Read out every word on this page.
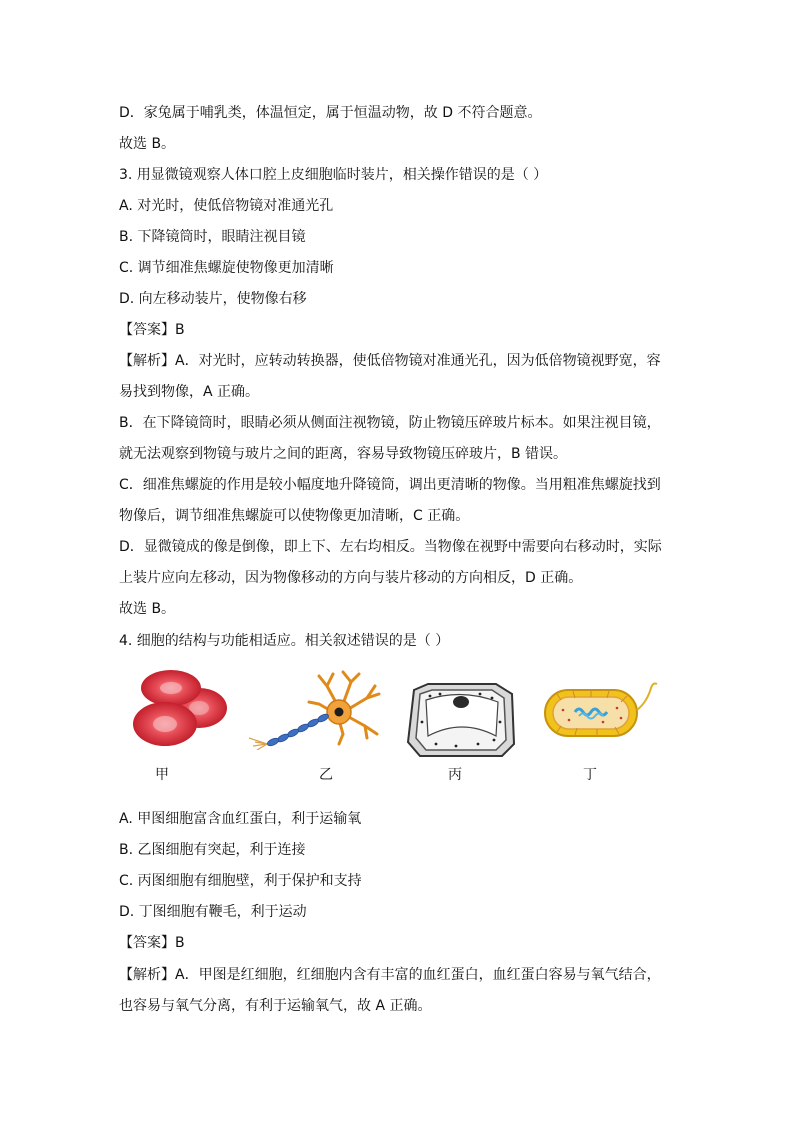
D．家兔属于哺乳类，体温恒定，属于恒温动物，故 D 不符合题意。
故选 B。
3. 用显微镜观察人体口腔上皮细胞临时装片，相关操作错误的是（ ）
A. 对光时，使低倍物镜对准通光孔
B. 下降镜筒时，眼睛注视目镜
C. 调节细准焦螺旋使物像更加清晰
D. 向左移动装片，使物像右移
【答案】B
【解析】A．对光时，应转动转换器，使低倍物镜对准通光孔，因为低倍物镜视野宽，容
易找到物像，A 正确。
B．在下降镜筒时，眼睛必须从侧面注视物镜，防止物镜压碎玻片标本。如果注视目镜，
就无法观察到物镜与玻片之间的距离，容易导致物镜压碎玻片，B 错误。
C．细准焦螺旋的作用是较小幅度地升降镜筒，调出更清晰的物像。当用粗准焦螺旋找到
物像后，调节细准焦螺旋可以使物像更加清晰，C 正确。
D．显微镜成的像是倒像，即上下、左右均相反。当物像在视野中需要向右移动时，实际
上装片应向左移动，因为物像移动的方向与装片移动的方向相反，D 正确。
故选 B。
4. 细胞的结构与功能相适应。相关叙述错误的是（ ）
甲	乙	丙	丁
A. 甲图细胞富含血红蛋白，利于运输氧
B. 乙图细胞有突起，利于连接
C. 丙图细胞有细胞壁，利于保护和支持
D. 丁图细胞有鞭毛，利于运动
【答案】B
【解析】A．甲图是红细胞，红细胞内含有丰富的血红蛋白，血红蛋白容易与氧气结合，
也容易与氧气分离，有利于运输氧气，故 A 正确。
